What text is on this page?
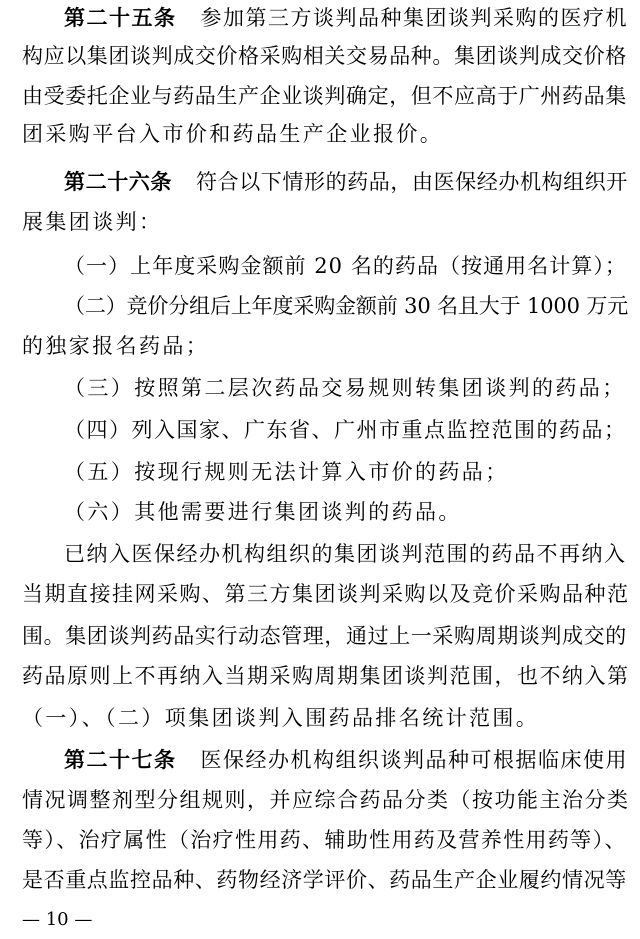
第二十五条 参加第三方谈判品种集团谈判采购的医疗机
构应以集团谈判成交价格采购相关交易品种。集团谈判成交价格
由受委托企业与药品生产企业谈判确定，但不应高于广州药品集
团采购平台入市价和药品生产企业报价。
第二十六条 符合以下情形的药品，由医保经办机构组织开
展集团谈判：
（一）上年度采购金额前 20 名的药品（按通用名计算）；
（二）竞价分组后上年度采购金额前 30 名且大于 1000 万元
的独家报名药品；
（三）按照第二层次药品交易规则转集团谈判的药品；
（四）列入国家、广东省、广州市重点监控范围的药品；
（五）按现行规则无法计算入市价的药品；
（六）其他需要进行集团谈判的药品。
已纳入医保经办机构组织的集团谈判范围的药品不再纳入
当期直接挂网采购、第三方集团谈判采购以及竞价采购品种范
围。集团谈判药品实行动态管理，通过上一采购周期谈判成交的
药品原则上不再纳入当期采购周期集团谈判范围，也不纳入第
（一）、（二）项集团谈判入围药品排名统计范围。
第二十七条 医保经办机构组织谈判品种可根据临床使用
情况调整剂型分组规则，并应综合药品分类（按功能主治分类
等）、治疗属性（治疗性用药、辅助性用药及营养性用药等）、
是否重点监控品种、药物经济学评价、药品生产企业履约情况等
— 10 —
